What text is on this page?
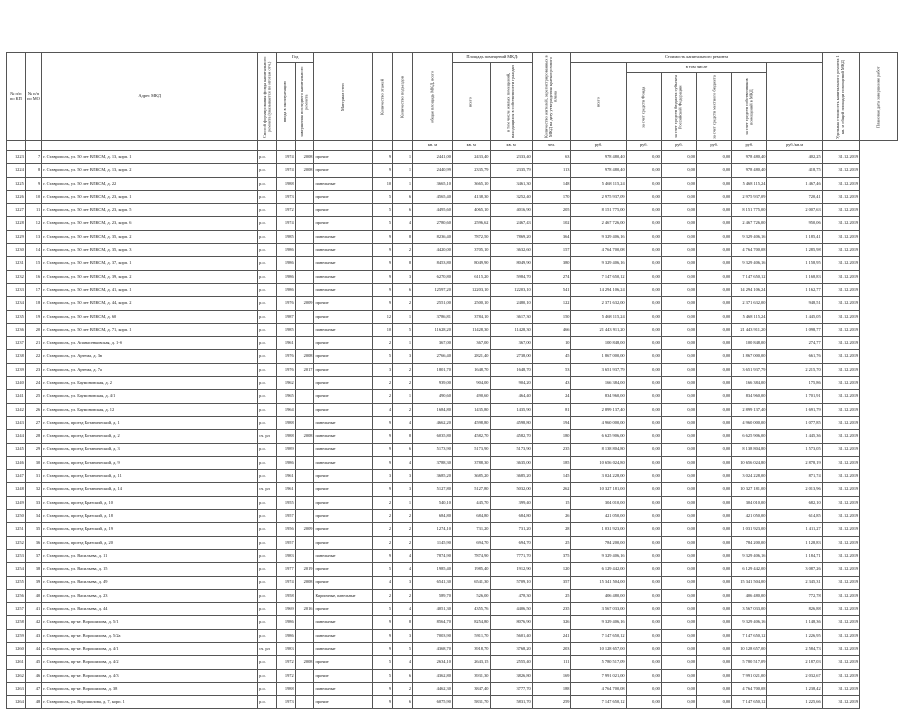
№ п/п по КП	№ п/п по МО	Адрес МКД	Способ формирования фонда капитального ремонта (указывается по итогам отч.)	Год		Материал стен	Количество этажей	Количество подъездов	общая площадь МКД, всего	Площадь помещений МКД:		Количество жителей, зарегистрированных в МКД на дату утверждения краткосрочного плана	Стоимость капитального ремонта						Удельная стоимость капитального ремонта 1 кв. м общей площади помещений МКД	Плановая дата завершения работ
				ввода в эксплуатацию	завершения последнего капитального ремонта					всего	в том числе жилых помещений, находящихся в собственности граждан		всего	в том числе						
														за счет средств Фонда	за счет средств бюджета субъекта Российской Федерации	за счет средств местного бюджета	за счет средств собственников помещений в МКД			
									кв. м	кв. м	кв. м	чел.	руб.	руб.	руб.	руб.	руб.	руб./кв.м		
1223	7	г. Ставрополь, ул. 50 лет ВЛКСМ, д. 13, корп. 1	р.о.	1974	2008	прочие	9	1	2441,00	2433,40	2333,40	63	978 480,40	0,00	0,00	0,00	978 480,40	402,25	31.12.2019	
1224	8	г. Ставрополь, ул. 50 лет ВЛКСМ, д. 13, корп. 2	р.о.	1974	2008	прочие	9	1	2440,99	2335,79	2335,79	113	978 480,40	0,00	0,00	0,00	978 480,40	418,75	31.12.2019	
1225	9	г. Ставрополь, ул. 50 лет ВЛКСМ, д. 22	р.о.	1988		панельные	10	1	3665,10	3665,10	3461,30	148	5 468 115,24	0,00	0,00	0,00	5 468 115,24	1 467,46	31.12.2019	
1226	10	г. Ставрополь, ул. 50 лет ВЛКСМ, д. 23, корп. 1	р.о.	1973		прочие	5	6	4565,40	4138,30	3252,40	170	2 975 937,09	0,00	0,00	0,00	2 975 937,09	720,41	31.12.2019	
1227	11	г. Ставрополь, ул. 50 лет ВЛКСМ, д. 23, корп. 5	р.о.	1972		прочие	5	6	4495,60	4065,10	4016,90	205	8 151 775,00	0,00	0,00	0,00	8 151 775,00	2 007,63	31.12.2019	
1228	12	г. Ставрополь, ул. 50 лет ВЛКСМ, д. 23, корп. 6	р.о.	1974		прочие	5	4	2780,60	2596,62	2467,43	102	2 467 726,00	0,00	0,00	0,00	2 467 726,00	950,06	31.12.2019	
1229	13	г. Ставрополь, ул. 50 лет ВЛКСМ, д. 35, корп. 2	р.о.	1985		панельные	9	8	8236,40	7872,50	7869,20	364	9 329 406,16	0,00	0,00	0,00	9 329 406,16	1 185,41	31.12.2019	
1230	14	г. Ставрополь, ул. 50 лет ВЛКСМ, д. 35, корп. 3	р.о.	1986		панельные	9	2	4420,00	3705,10	3632,60	157	4 764 700,08	0,00	0,00	0,00	4 764 700,08	1 285,98	31.12.2019	
1231	15	г. Ставрополь, ул. 50 лет ВЛКСМ, д. 37, корп. 1	р.о.	1986		панельные	9	8	8453,80	8049,90	8049,90	380	9 329 406,16	0,00	0,00	0,00	9 329 406,16	1 158,95	31.12.2019	
1232	16	г. Ставрополь, ул. 50 лет ВЛКСМ, д. 39, корп. 2	р.о.	1986		панельные	9	3	6270,80	6115,20	5984,70	274	7 147 650,12	0,00	0,00	0,00	7 147 650,12	1 168,83	31.12.2019	
1233	17	г. Ставрополь, ул. 50 лет ВЛКСМ, д. 41, корп. 1	р.о.	1986		панельные	9	6	12597,20	12203,10	12203,10	541	14 294 106,24	0,00	0,00	0,00	14 294 106,24	1 162,77	31.12.2019	
1234	18	г. Ставрополь, ул. 50 лет ВЛКСМ, д. 44, корп. 2	р.о.	1976	2009	прочие	9	2	2551,00	2500,10	2480,10	122	2 371 632,00	0,00	0,00	0,00	2 371 632,00	948,51	31.12.2019	
1235	19	г. Ставрополь, ул. 50 лет ВЛКСМ, д. 60	р.о.	1987		прочие	12	1	3786,81	3784,10	3617,30	150	5 468 115,24	0,00	0,00	0,00	5 468 115,24	1 445,05	31.12.2019	
1236	20	г. Ставрополь, ул. 50 лет ВЛКСМ, д. 71, корп. 1	р.о.	1985		панельные	10	5	11628,20	11428,30	11428,30	466	21 443 911,20	0,00	0,00	0,00	21 443 911,20	1 098,77	31.12.2019	
1237	21	г. Ставрополь, ул. Апанасенковская, д. 1-б	р.о.	1961		прочие	2	1	367,00	367,00	367,00	10	100 848,00	0,00	0,00	0,00	100 848,00	274,77	31.12.2019	
1238	22	г. Ставрополь, ул. Артема, д. 3в	р.о.	1976	2008	прочие	5	3	2766,40	2821,40	2738,00	45	1 867 000,00	0,00	0,00	0,00	1 867 000,00	661,76	31.12.2019	
1239	23	г. Ставрополь, ул. Артема, д. 7а	р.о.	1976	2017	прочие	3	2	1801,70	1648,70	1648,70	53	3 651 937,79	0,00	0,00	0,00	3 651 937,79	2 215,70	31.12.2019	
1240	24	г. Ставрополь, ул. Баумоновская, д. 2	р.о.	1962		прочие	2	2	939,00	904,00	904,20	43	166 384,00	0,00	0,00	0,00	166 384,00	175,86	31.12.2019	
1241	25	г. Ставрополь, ул. Баумоновская, д. 4/1	р.о.	1965		прочие	2	1	490,60	490,60	464,40	24	834 960,00	0,00	0,00	0,00	834 960,00	1 701,91	31.12.2019	
1242	26	г. Ставрополь, ул. Баумоновская, д. 12	р.о.	1964		прочие	4	2	1684,80	1435,80	1435,90	81	2 899 137,40	0,00	0,00	0,00	2 899 137,40	1 691,79	31.12.2019	
1243	27	г. Ставрополь, проезд Ботанический, д. 1	р.о.	1988		панельные	9	4	4662,20	4598,80	4598,80	194	4 960 000,00	0,00	0,00	0,00	4 960 000,00	1 077,85	31.12.2019	
1244	28	г. Ставрополь, проезд Ботанический, д. 2	сч. рл	1988	2008	панельные	9	8	6035,80	4582,70	4582,70	180	6 625 906,00	0,00	0,00	0,00	6 625 906,00	1 445,36	31.12.2019	
1245	29	г. Ставрополь, проезд Ботанический, д. 3	р.о.	1989		панельные	9	6	5173,90	5173,90	5173,90	235	8 138 804,80	0,00	0,00	0,00	8 138 804,80	1 573,05	31.12.2019	
1246	30	г. Ставрополь, проезд Ботанический, д. 9	р.о.	1986		панельные	9	4	3788,30	3788,30	3635,00	185	10 656 024,80	0,00	0,00	0,00	10 656 024,80	2 878,19	31.12.2019	
1247	31	г. Ставрополь, проезд Ботанический, д. 11	р.о.	1961		прочие	3	3	3685,20	3685,20	3685,20	145	3 024 228,00	0,00	0,00	0,00	3 024 228,00	871,74	31.12.2019	
1248	32	г. Ставрополь, проезд Ботанический, д. 14	сч. рл	1961		прочие	9	3	5127,80	5127,80	5032,00	262	10 327 181,00	0,00	0,00	0,00	10 327 181,00	2 013,96	31.12.2019	
1249	33	г. Ставрополь, проезд Братский, д. 10	р.о.	1955		прочие	2	1	540,10	445,70	399,40	15	304 010,00	0,00	0,00	0,00	304 010,00	682,10	31.12.2019	
1250	34	г. Ставрополь, проезд Братский, д. 18	р.о.	1957		прочие	2	2	684,80	684,80	684,80	26	421 050,00	0,00	0,00	0,00	421 050,00	614,85	31.12.2019	
1251	35	г. Ставрополь, проезд Братский, д. 19	р.о.	1956	2009	прочие	2	2	1274,10	731,20	731,20	28	1 031 923,00	0,00	0,00	0,00	1 031 923,00	1 411,27	31.12.2019	
1252	36	г. Ставрополь, проезд Братский, д. 20	р.о.	1957		прочие	2	2	1145,90	694,70	694,70	25	784 200,00	0,00	0,00	0,00	784 200,00	1 128,83	31.12.2019	
1253	37	г. Ставрополь, ул. Васильева, д. 11	р.о.	1983		панельные	9	4	7874,90	7874,90	7771,70	375	9 329 406,16	0,00	0,00	0,00	9 329 406,16	1 184,71	31.12.2019	
1254	38	г. Ставрополь, ул. Васильева, д. 15	р.о.	1977	2019	прочие	5	4	1985,40	1985,40	1912,90	120	6 129 442,00	0,00	0,00	0,00	6 129 442,00	3 087,26	31.12.2019	
1255	39	г. Ставрополь, ул. Васильева, д. 49	р.о.	1974	2008	прочие	4	3	6541,30	6541,30	5709,10	357	15 341 504,00	0,00	0,00	0,00	15 341 504,00	2 345,31	31.12.2019	
1256	40	г. Ставрополь, ул. Васильева, д. 23	р.о.	1958		Кирпичные, панельные	2	2	589,70	526,00	478,30	25	406 480,00	0,00	0,00	0,00	406 480,00	772,78	31.12.2019	
1257	41	г. Ставрополь, ул. Васильева, д. 44	р.о.	1969	2016	прочие	5	4	4051,30	4355,76	4406,50	235	3 567 033,00	0,00	0,00	0,00	3 567 033,00	826,88	31.12.2019	
1258	42	г. Ставрополь, пр-кт. Ворошилова, д. 5/1	р.о.	1986		панельные	9	8	8564,70	8254,80	8076,90	326	9 329 406,16	0,00	0,00	0,00	9 329 406,16	1 148,36	31.12.2019	
1259	43	г. Ставрополь, пр-кт. Ворошилова, д. 5/2а	р.о.	1986		панельные	9	3	7003,90	5911,70	5601,40	241	7 147 650,12	0,00	0,00	0,00	7 147 650,12	1 226,95	31.12.2019	
1260	44	г. Ставрополь, пр-кт. Ворошилова, д. 4/1	сч. рл	1983		панельные	9	5	4368,70	3918,70	3768,20	203	10 128 657,00	0,00	0,00	0,00	10 128 657,00	2 584,73	31.12.2019	
1261	45	г. Ставрополь, пр-кт. Ворошилова, д. 4/2	р.о.	1972	2008	прочие	5	4	2634,10	2643,15	2555,40	111	5 780 517,09	0,00	0,00	0,00	5 780 517,09	2 187,03	31.12.2019	
1262	46	г. Ставрополь, пр-кт. Ворошилова, д. 4/3	р.о.	1972		прочие	5	6	4362,80	3931,30	3826,80	169	7 991 021,00	0,00	0,00	0,00	7 991 021,00	2 032,67	31.12.2019	
1263	47	г. Ставрополь, пр-кт. Ворошилова, д. 38	р.о.	1988		панельные	9	2	4462,30	3847,40	3777,70	188	4 764 700,08	0,00	0,00	0,00	4 764 700,08	1 238,42	31.12.2019	
1264	48	г. Ставрополь, ул. Ворошилова, д. 7, корп. 1	р.о.	1973		прочие	9	6	6075,90	5831,70	5831,70	259	7 147 650,12	0,00	0,00	0,00	7 147 650,12	1 225,66	31.12.2019	
